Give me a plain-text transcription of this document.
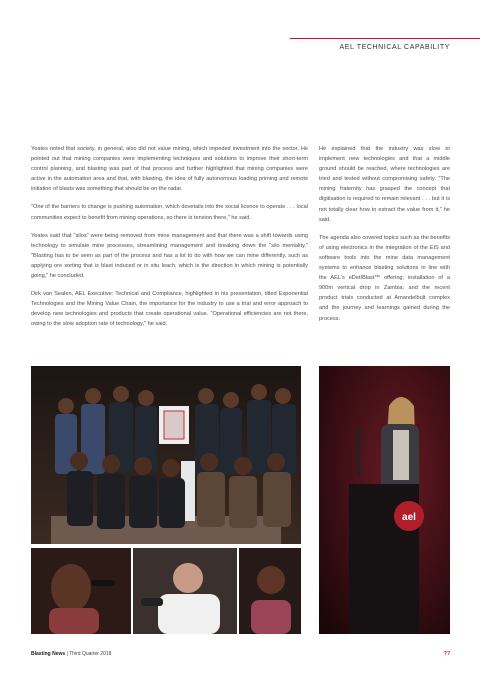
AEL TECHNICAL CAPABILITY

Yeates noted that society, in general, also did not value mining, which impeded investment into the sector. He pointed out that mining companies were implementing techniques and solutions to improve their short-term control planning, and blasting was part of that process and further highlighted that mining companies were active in the automation area and that, with blasting, the idea of fully autonomous loading priming and remote initiation of blasts was something that should be on the radar.

"One of the barriers to change is pushing automation, which dovetails into the social licence to operate . . . local communities expect to benefit from mining operations, so there is tension there," he said.

Yeates said that "silos" were being removed from mine management and that there was a shift towards using technology to simulate mine processes, streamlining management and breaking down the "silo mentality." "Blasting has to be seen as part of the process and has a lot to do with how we can mine differently, such as applying ore sorting that is blast induced or in situ leach, which is the direction in which mining is potentially going," he concluded.

Dirk van Sealen, AEL Executive: Technical and Compliance, highlighted in his presentation, titled Exponential Technologies and the Mining Value Chain, the importance for the industry to use a trial and error approach to develop new technologies and products that create operational value. "Operational efficiencies are not there, owing to the slow adoption rate of technology," he said.

He explained that the industry was slow to implement new technologies and that a middle ground should be reached, where technologies are tried and tested without compromising safety. "The mining fraternity has grasped the concept that digitisation is required to remain relevant . . . but it is not totally clear how to extract the value from it," he said.

The agenda also covered topics such as the benefits of using electronics in the integration of the EIS and software tools into the mine data management systems to enhance blasting solutions in line with the AEL's eDetIBlast™ offering; installation of a 900m vertical drop in Zambia; and the recent product trials conducted at Amandelbult complex and the journey and learnings gained during the process.

ael
Blasting News | Third Quarter 2018	??
